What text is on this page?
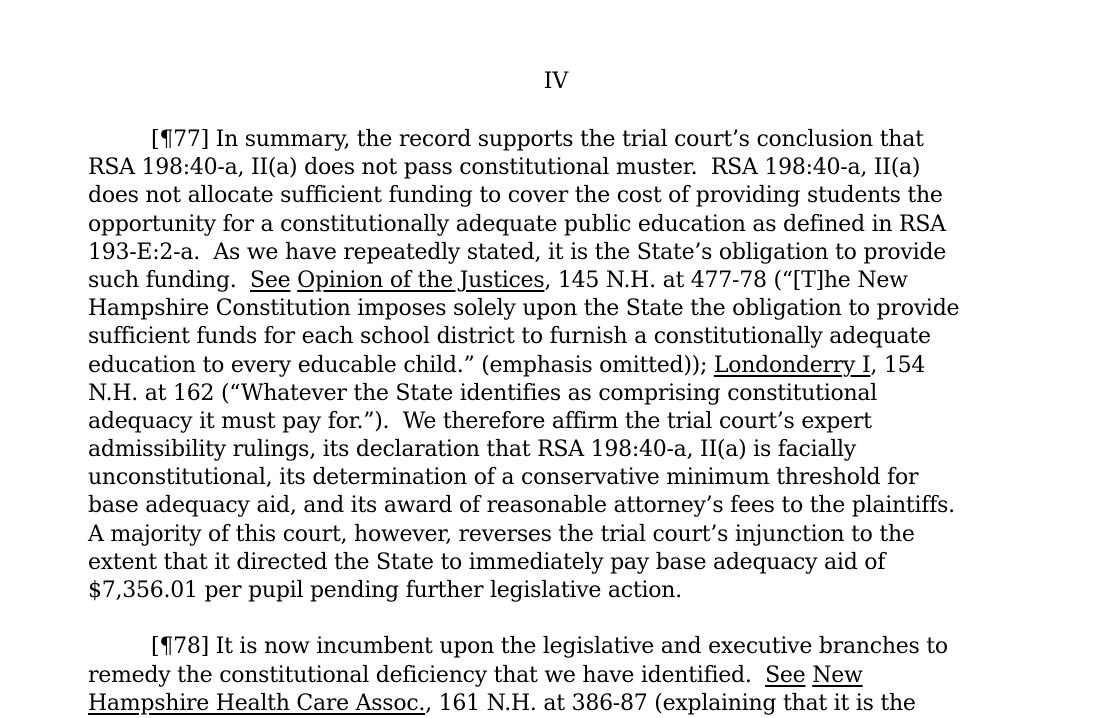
IV
[¶77] In summary, the record supports the trial court’s conclusion that
RSA 198:40-a, II(a) does not pass constitutional muster.  RSA 198:40-a, II(a)
does not allocate sufficient funding to cover the cost of providing students the
opportunity for a constitutionally adequate public education as defined in RSA
193-E:2-a.  As we have repeatedly stated, it is the State’s obligation to provide
such funding.  See Opinion of the Justices, 145 N.H. at 477-78 (“[T]he New
Hampshire Constitution imposes solely upon the State the obligation to provide
sufficient funds for each school district to furnish a constitutionally adequate
education to every educable child.” (emphasis omitted)); Londonderry I, 154
N.H. at 162 (“Whatever the State identifies as comprising constitutional
adequacy it must pay for.”).  We therefore affirm the trial court’s expert
admissibility rulings, its declaration that RSA 198:40-a, II(a) is facially
unconstitutional, its determination of a conservative minimum threshold for
base adequacy aid, and its award of reasonable attorney’s fees to the plaintiffs.
A majority of this court, however, reverses the trial court’s injunction to the
extent that it directed the State to immediately pay base adequacy aid of
$7,356.01 per pupil pending further legislative action.
[¶78] It is now incumbent upon the legislative and executive branches to
remedy the constitutional deficiency that we have identified.  See New
Hampshire Health Care Assoc., 161 N.H. at 386-87 (explaining that it is the
